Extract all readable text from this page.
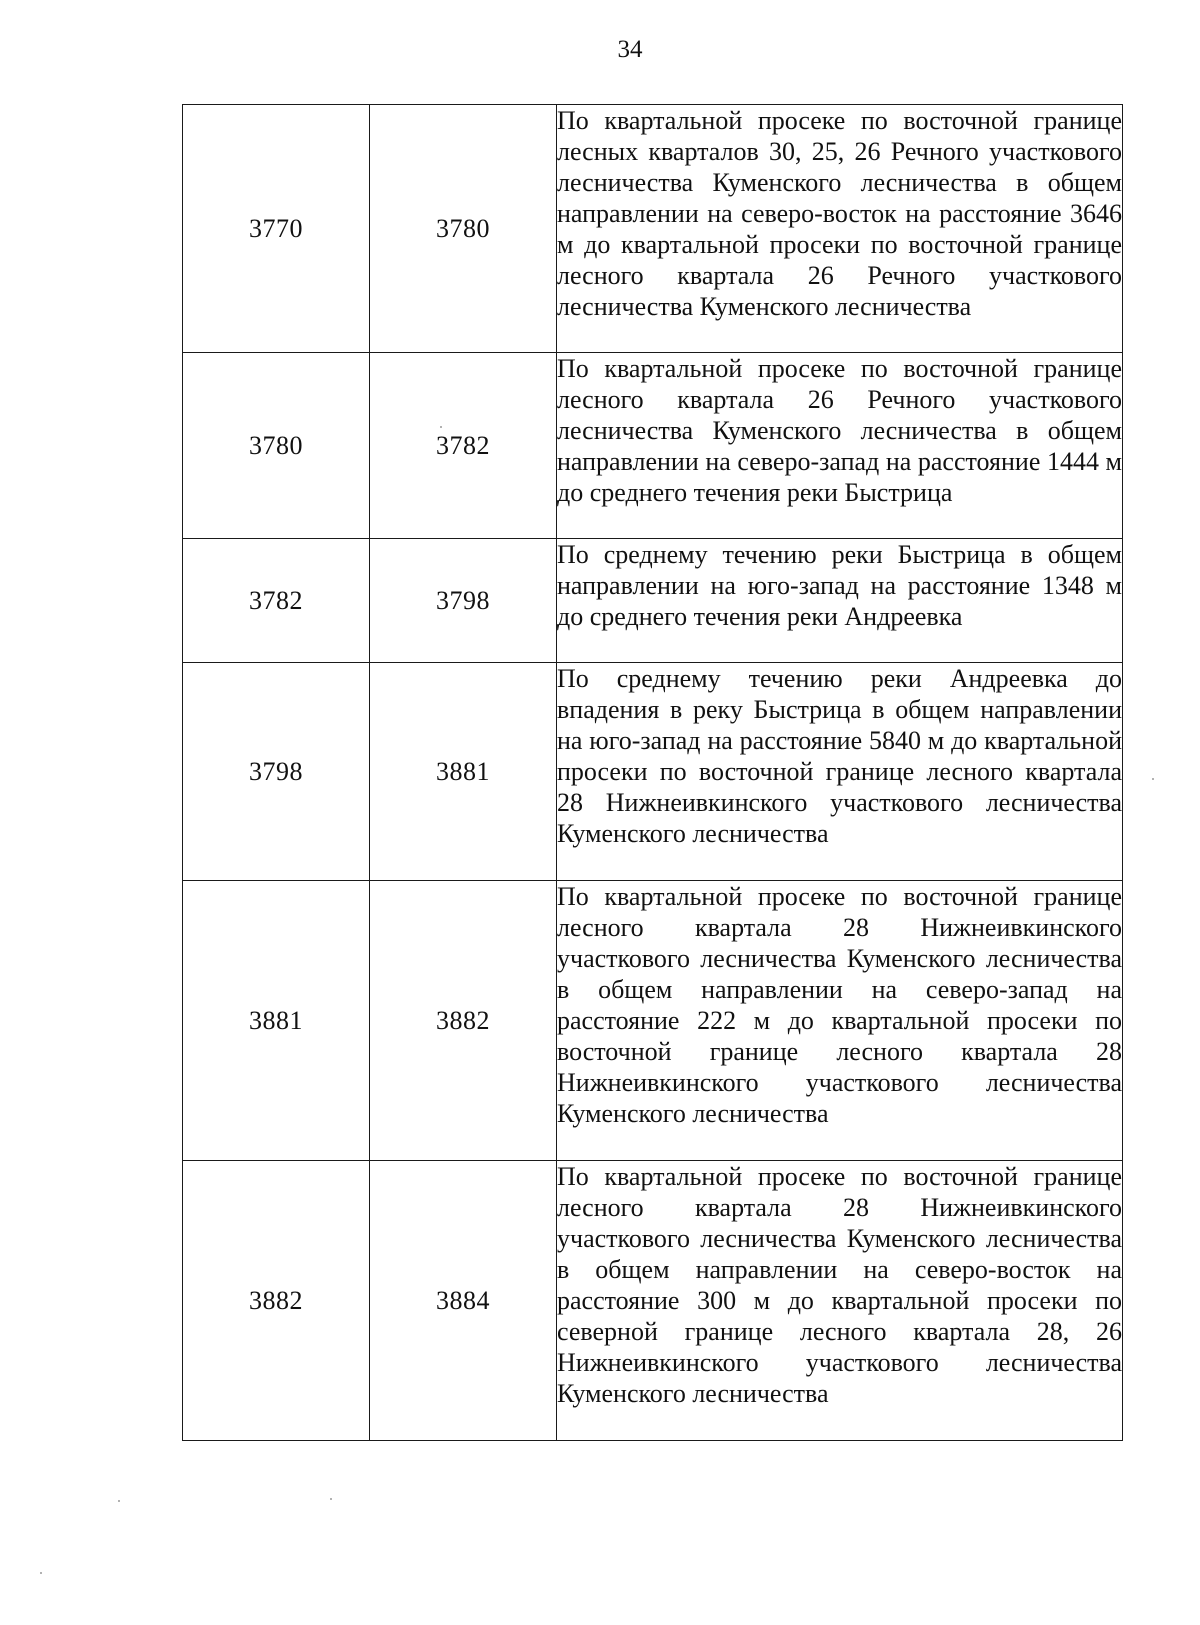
34
3770	3780	По квартальной просеке по восточной границе лесных кварталов 30, 25, 26 Речного участкового лесничества Куменского лесничества в общем направлении на северо-восток на расстояние 3646 м до квартальной просеки по восточной границе лесного квартала 26 Речного участкового лесничества Куменского лесничества
3780	3782	По квартальной просеке по восточной границе лесного квартала 26 Речного участкового лесничества Куменского лесничества в общем направлении на северо-запад на расстояние 1444 м до среднего течения реки Быстрица
3782	3798	По среднему течению реки Быстрица в общем направлении на юго-запад на расстояние 1348 м до среднего течения реки Андреевка
3798	3881	По среднему течению реки Андреевка до впадения в реку Быстрица в общем направлении на юго-запад на расстояние 5840 м до квартальной просеки по восточной границе лесного квартала 28 Нижнеивкинского участкового лесничества Куменского лесничества
3881	3882	По квартальной просеке по восточной границе лесного квартала 28 Нижнеивкинского участкового лесничества Куменского лесничества в общем направлении на северо-запад на расстояние 222 м до квартальной просеки по восточной границе лесного квартала 28 Нижнеивкинского участкового лесничества Куменского лесничества
3882	3884	По квартальной просеке по восточной границе лесного квартала 28 Нижнеивкинского участкового лесничества Куменского лесничества в общем направлении на северо-восток на расстояние 300 м до квартальной просеки по северной границе лесного квартала 28, 26 Нижнеивкинского участкового лесничества Куменского лесничества
